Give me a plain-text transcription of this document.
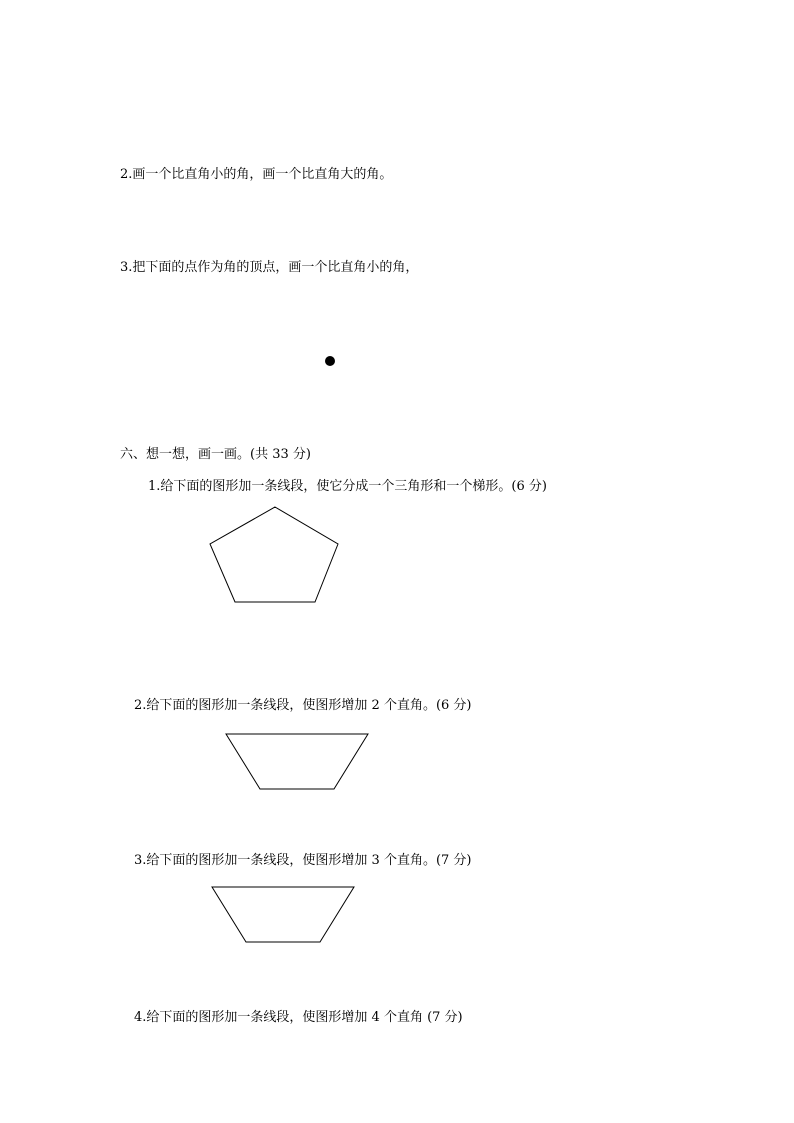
2.画一个比直角小的角，画一个比直角大的角。
3.把下面的点作为角的顶点，画一个比直角小的角，
六、想一想，画一画。(共 33 分)
1.给下面的图形加一条线段，使它分成一个三角形和一个梯形。(6 分)
2.给下面的图形加一条线段，使图形增加 2 个直角。(6 分)
3.给下面的图形加一条线段，使图形增加 3 个直角。(7 分)
4.给下面的图形加一条线段，使图形增加 4 个直角 (7 分)
